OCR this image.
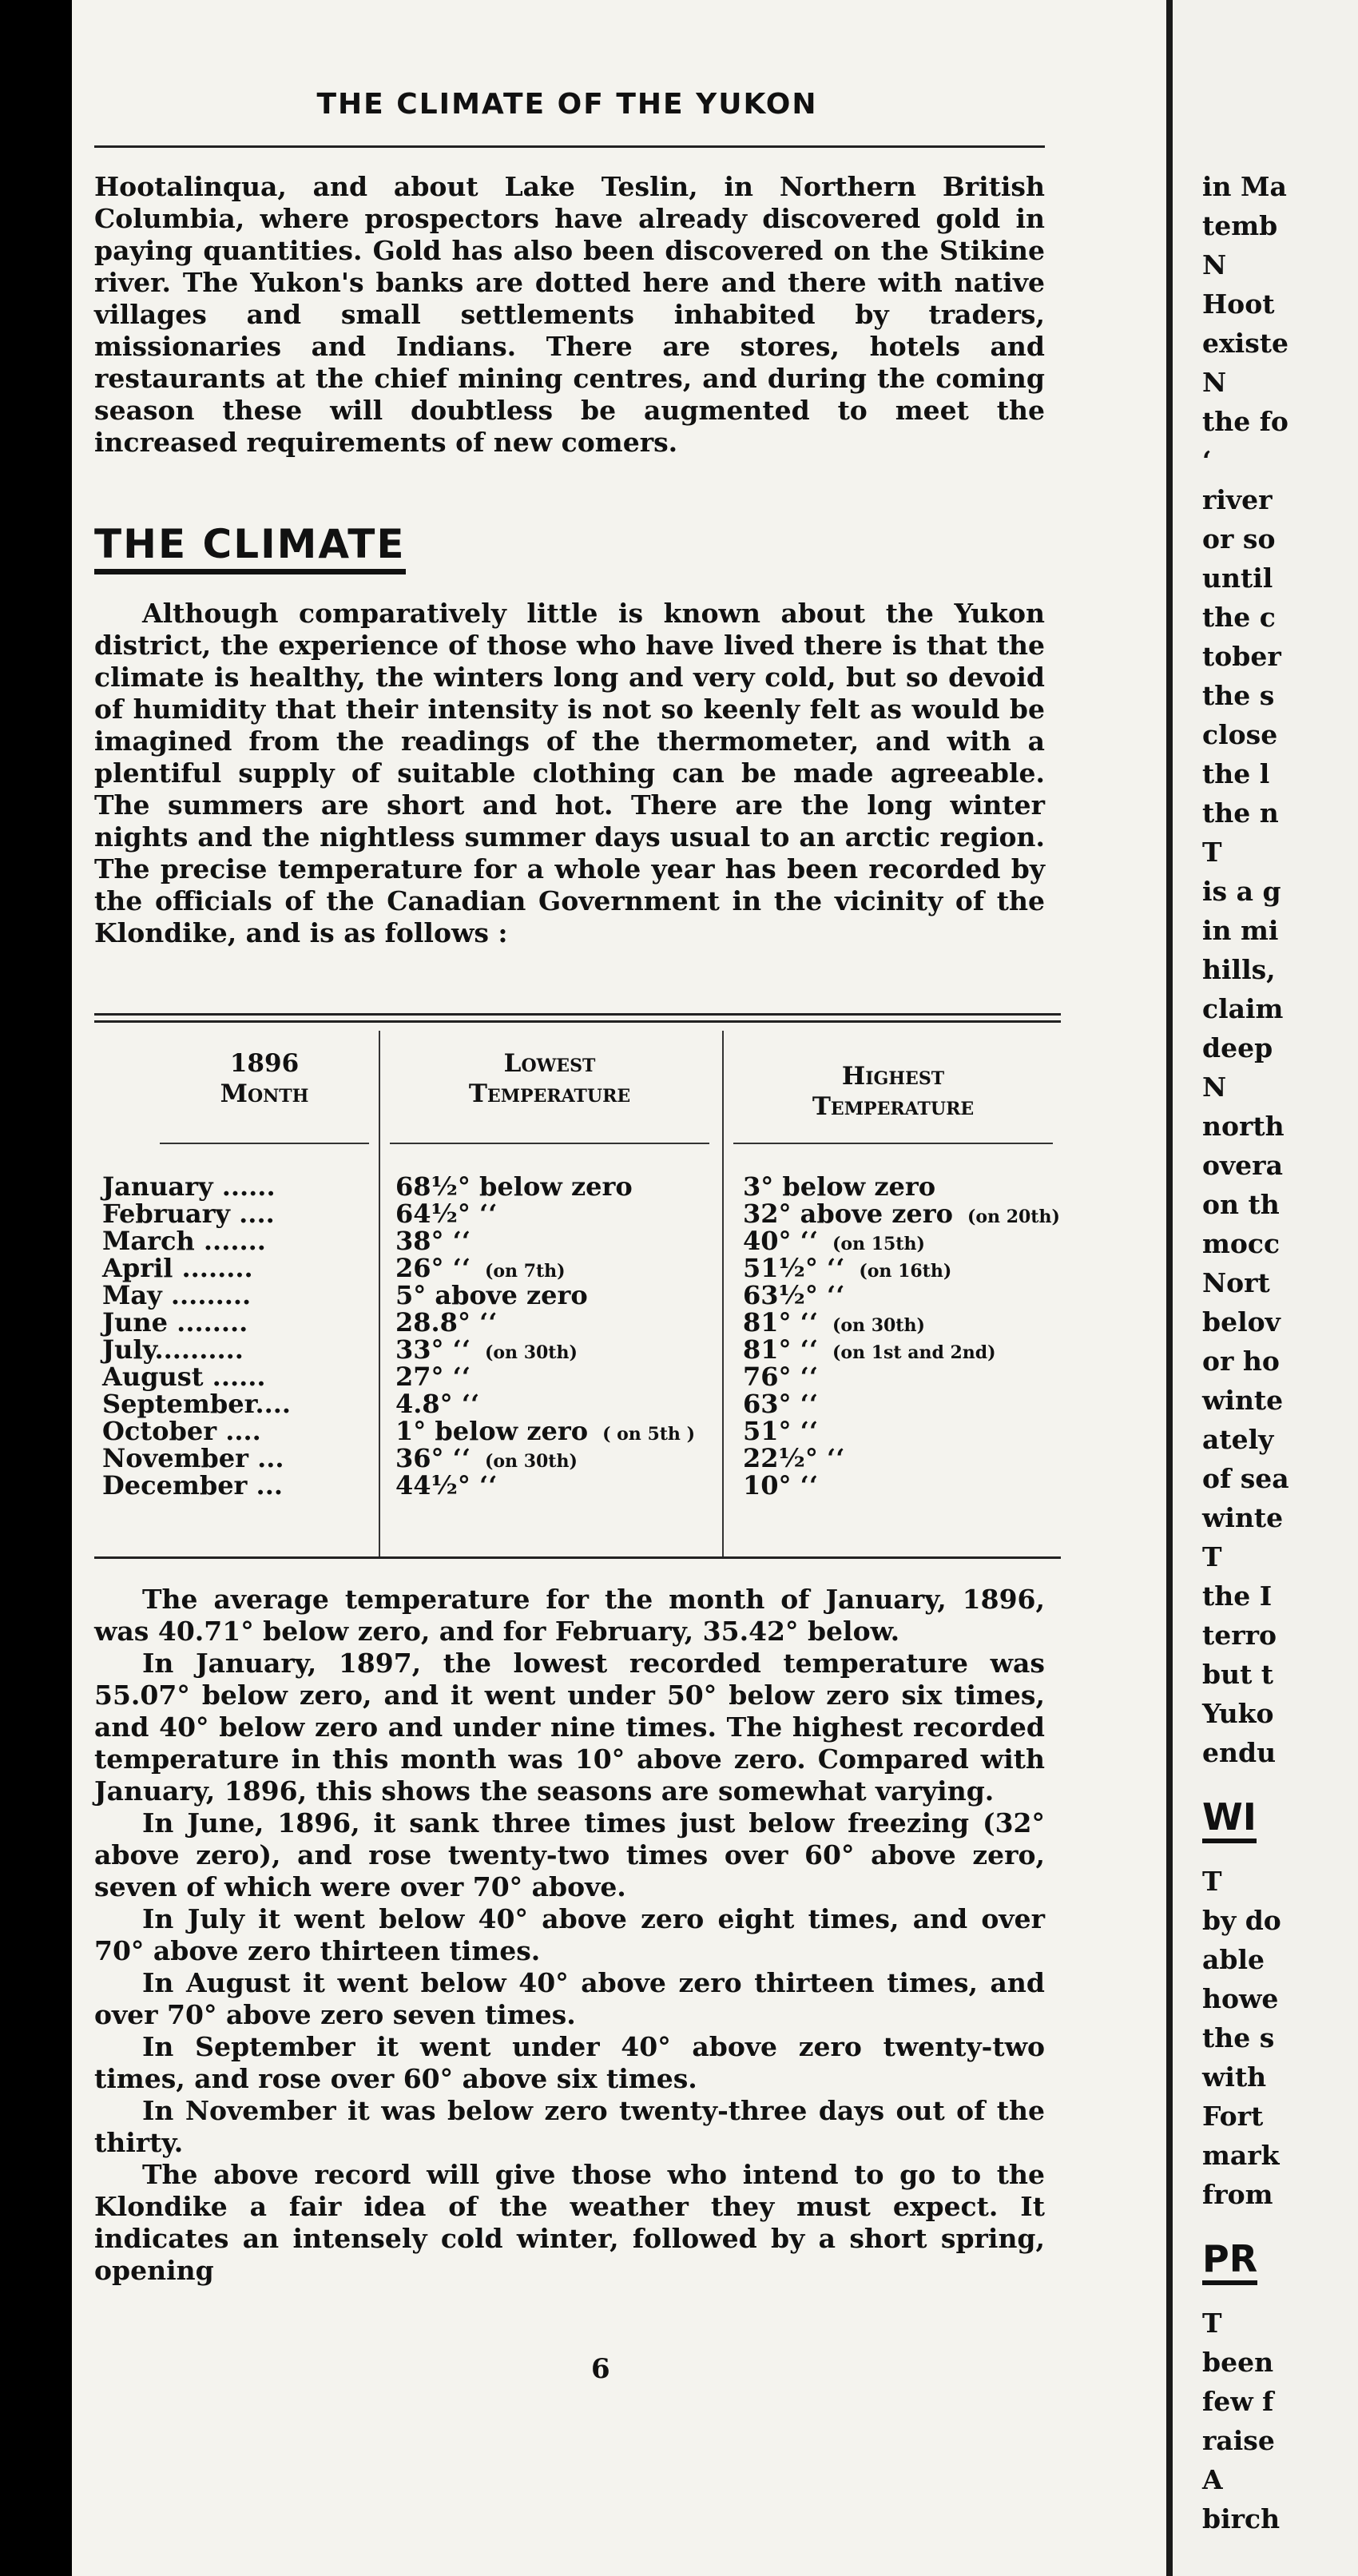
THE CLIMATE OF THE YUKON

Hootalinqua, and about Lake Teslin, in Northern British Columbia, where prospectors have already discovered gold in paying quantities. Gold has also been discovered on the Stikine river. The Yukon's banks are dotted here and there with native villages and small settlements inhabited by traders, missionaries and Indians. There are stores, hotels and restaurants at the chief mining centres, and during the coming season these will doubtless be augmented to meet the increased requirements of new comers.

THE CLIMATE

Although comparatively little is known about the Yukon district, the experience of those who have lived there is that the climate is healthy, the winters long and very cold, but so devoid of humidity that their intensity is not so keenly felt as would be imagined from the readings of the thermometer, and with a plentiful supply of suitable clothing can be made agreeable. The summers are short and hot. There are the long winter nights and the nightless summer days usual to an arctic region. The precise temperature for a whole year has been recorded by the officials of the Canadian Government in the vicinity of the Klondike, and is as follows :

1896
Month
Lowest
Temperature
Highest
Temperature
January ......	68½° below zero	3° below zero
February ....	64½° ‘‘	32° above zero (on 20th)
March .......	38° ‘‘	40° ‘‘ (on 15th)
April ........	26° ‘‘ (on 7th)	51½° ‘‘ (on 16th)
May .........	5° above zero	63½° ‘‘
June ........	28.8° ‘‘	81° ‘‘ (on 30th)
July..........	33° ‘‘ (on 30th)	81° ‘‘ (on 1st and 2nd)
August ......	27° ‘‘	76° ‘‘
September....	4.8° ‘‘	63° ‘‘
October ....	1° below zero ( on 5th )	51° ‘‘
November ...	36° ‘‘ (on 30th)	22½° ‘‘
December ...	44½° ‘‘	10° ‘‘

The average temperature for the month of January, 1896, was 40.71° below zero, and for February, 35.42° below.

In January, 1897, the lowest recorded temperature was 55.07° below zero, and it went under 50° below zero six times, and 40° below zero and under nine times. The highest recorded temperature in this month was 10° above zero. Compared with January, 1896, this shows the seasons are somewhat varying.

In June, 1896, it sank three times just below freezing (32° above zero), and rose twenty-two times over 60° above zero, seven of which were over 70° above.

In July it went below 40° above zero eight times, and over 70° above zero thirteen times.

In August it went below 40° above zero thirteen times, and over 70° above zero seven times.

In September it went under 40° above zero twenty-two times, and rose over 60° above six times.

In November it was below zero twenty-three days out of the thirty.

The above record will give those who intend to go to the Klondike a fair idea of the weather they must expect. It indicates an intensely cold winter, followed by a short spring, opening

6
in Ma
temb
N
Hoot
existe
N
the fo
‘
river
or so
until
the c
tober
the s
close
the l
the n
T
is a g
in mi
hills,
claim
deep
N
north
overa
on th
mocc
Nort
belov
or ho
winte
ately
of sea
winte
T
the I
terro
but t
Yuko
endu
WI
T
by do
able
howe
the s
with
Fort
mark
from
PR
T
been
few f
raise
A
birch
